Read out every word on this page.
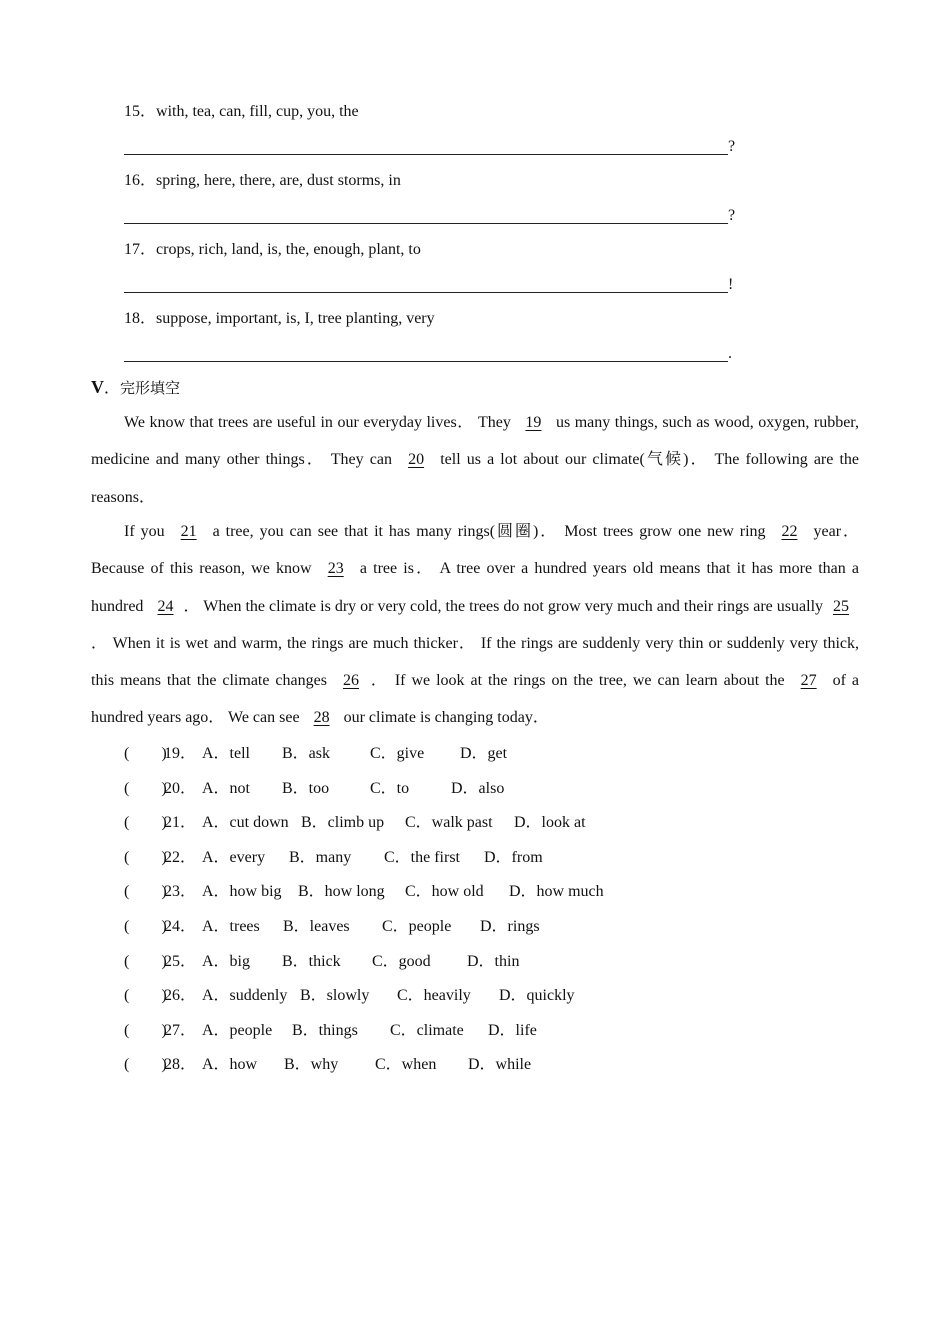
15．with, tea, can, fill, cup, you, the
?
16．spring, here, there, are, dust storms, in
?
17．crops, rich, land, is, the, enough, plant, to
!
18．suppose, important, is, I, tree planting, very
.
V．完形填空
We know that trees are useful in our everyday lives． They 19 us many things, such as wood, oxygen, rubber, medicine and many other things． They can 20 tell us a lot about our climate(气候)． The following are the reasons．
If you 21 a tree, you can see that it has many rings(圆圈)． Most trees grow one new ring 22 year． Because of this reason, we know 23 a tree is． A tree over a hundred years old means that it has more than a hundred 24 ． When the climate is dry or very cold, the trees do not grow very much and their rings are usually 25． When it is wet and warm, the rings are much thicker． If the rings are suddenly very thin or suddenly very thick, this means that the climate changes 26 ． If we look at the rings on the tree, we can learn about the 27 of a hundred years ago． We can see 28 our climate is changing today．
(　　)
19． A．tell B．ask C．give D．get
(　　)
20． A．not B．too	C．to	D．also
(　　)
21． A．cut down B．climb up C．walk past D．look at
(　　)
22． A．every B．many C．the first D．from
(　　)
23． A．how big B．how long C．how old D．how much
(　　)
24． A．trees B．leaves C．people D．rings
(　　)
25． A．big B．thick C．good D．thin
(　　)
26． A．suddenly B．slowly C．heavily D．quickly
(　　)
27． A．people B．things C．climate D．life
(　　)
28． A．how B．why C．when D．while
